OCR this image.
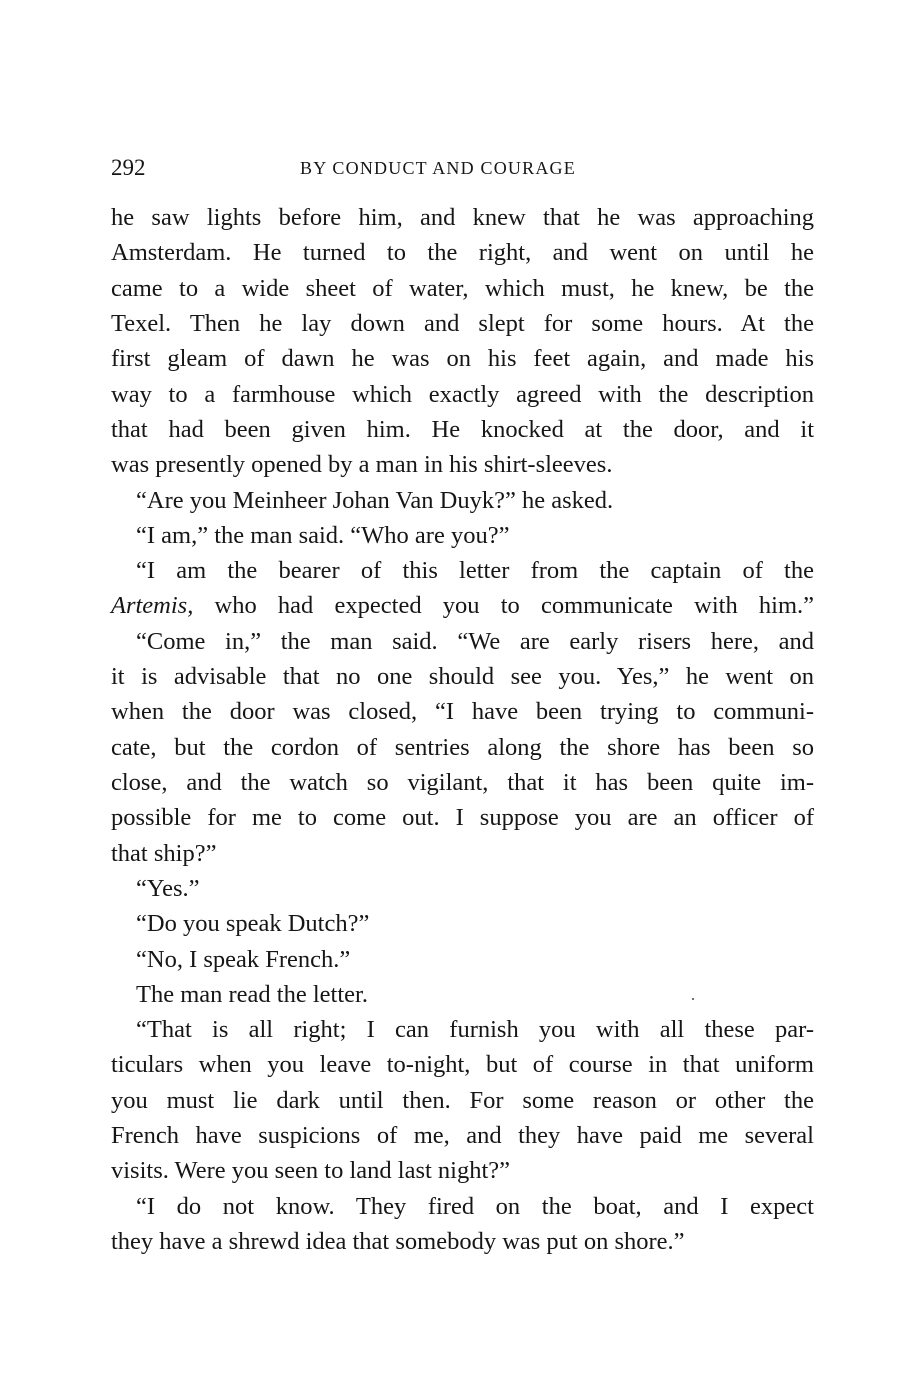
292	BY CONDUCT AND COURAGE
he saw lights before him, and knew that he was approaching
Amsterdam. He turned to the right, and went on until he
came to a wide sheet of water, which must, he knew, be the
Texel. Then he lay down and slept for some hours. At the
first gleam of dawn he was on his feet again, and made his
way to a farmhouse which exactly agreed with the description
that had been given him. He knocked at the door, and it
was presently opened by a man in his shirt-sleeves.
“Are you Meinheer Johan Van Duyk?” he asked.
“I am,” the man said. “Who are you?”
“I am the bearer of this letter from the captain of the
Artemis, who had expected you to communicate with him.”
“Come in,” the man said. “We are early risers here, and
it is advisable that no one should see you. Yes,” he went on
when the door was closed, “I have been trying to communi-
cate, but the cordon of sentries along the shore has been so
close, and the watch so vigilant, that it has been quite im-
possible for me to come out. I suppose you are an officer of
that ship?”
“Yes.”
“Do you speak Dutch?”
“No, I speak French.”
The man read the letter.
“That is all right; I can furnish you with all these par-
ticulars when you leave to-night, but of course in that uniform
you must lie dark until then. For some reason or other the
French have suspicions of me, and they have paid me several
visits. Were you seen to land last night?”
“I do not know. They fired on the boat, and I expect
they have a shrewd idea that somebody was put on shore.”
